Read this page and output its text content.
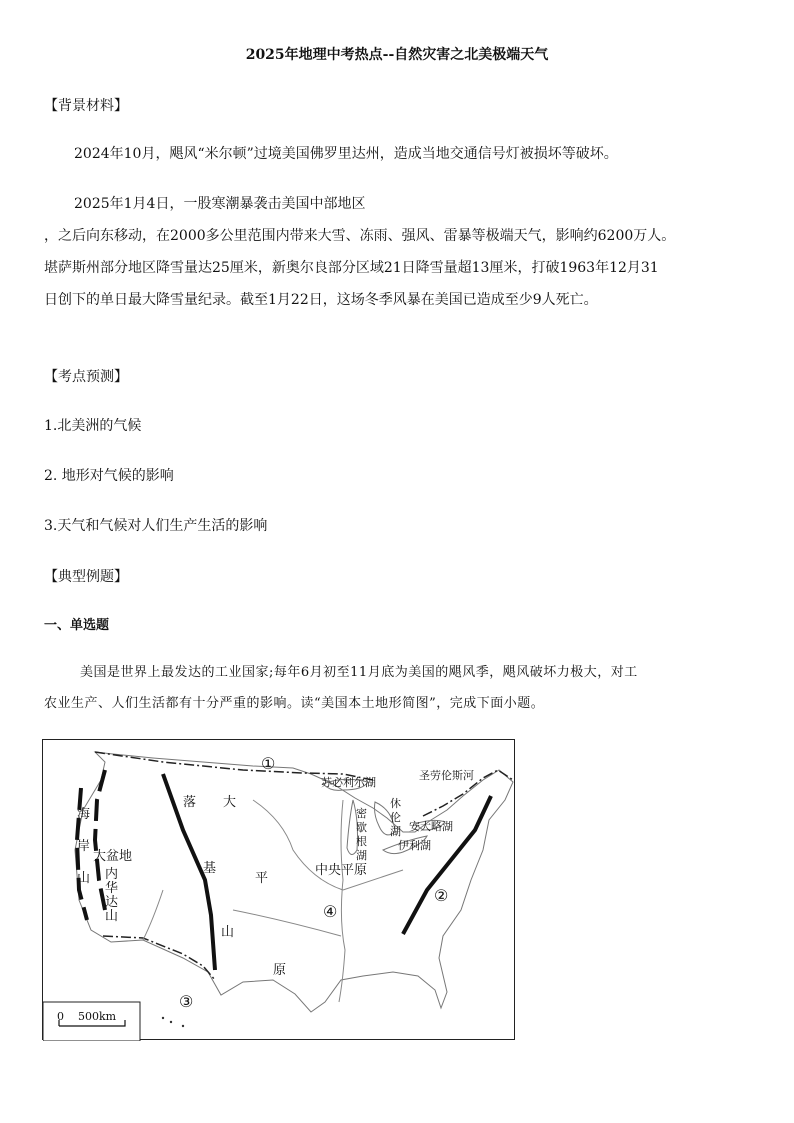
2025年地理中考热点--自然灾害之北美极端天气
【背景材料】
2024年10月，飓风“米尔顿”过境美国佛罗里达州，造成当地交通信号灯被损坏等破坏。
2025年1月4日，一股寒潮暴袭击美国中部地区
，之后向东移动，在2000多公里范围内带来大雪、冻雨、强风、雷暴等极端天气，影响约6200万人。
堪萨斯州部分地区降雪量达25厘米，新奥尔良部分区域21日降雪量超13厘米，打破1963年12月31
日创下的单日最大降雪量纪录。截至1月22日，这场冬季风暴在美国已造成至少9人死亡。
【考点预测】
1.北美洲的气候
2. 地形对气候的影响
3.天气和气候对人们生产生活的影响
【典型例题】
一、单选题
美国是世界上最发达的工业国家;每年6月初至11月底为美国的飓风季，飓风破坏力极大，对工
农业生产、人们生活都有十分严重的影响。读“美国本土地形简图”，完成下面小题。
①
②
③
④
苏必利尔湖
圣劳伦斯河
密
歇
根
湖
休
伦
湖 安大略湖
伊利湖
海
岸
山
大盆地
内
华
达
山
落 大
基
山
平
原
中央平原
0    500km
